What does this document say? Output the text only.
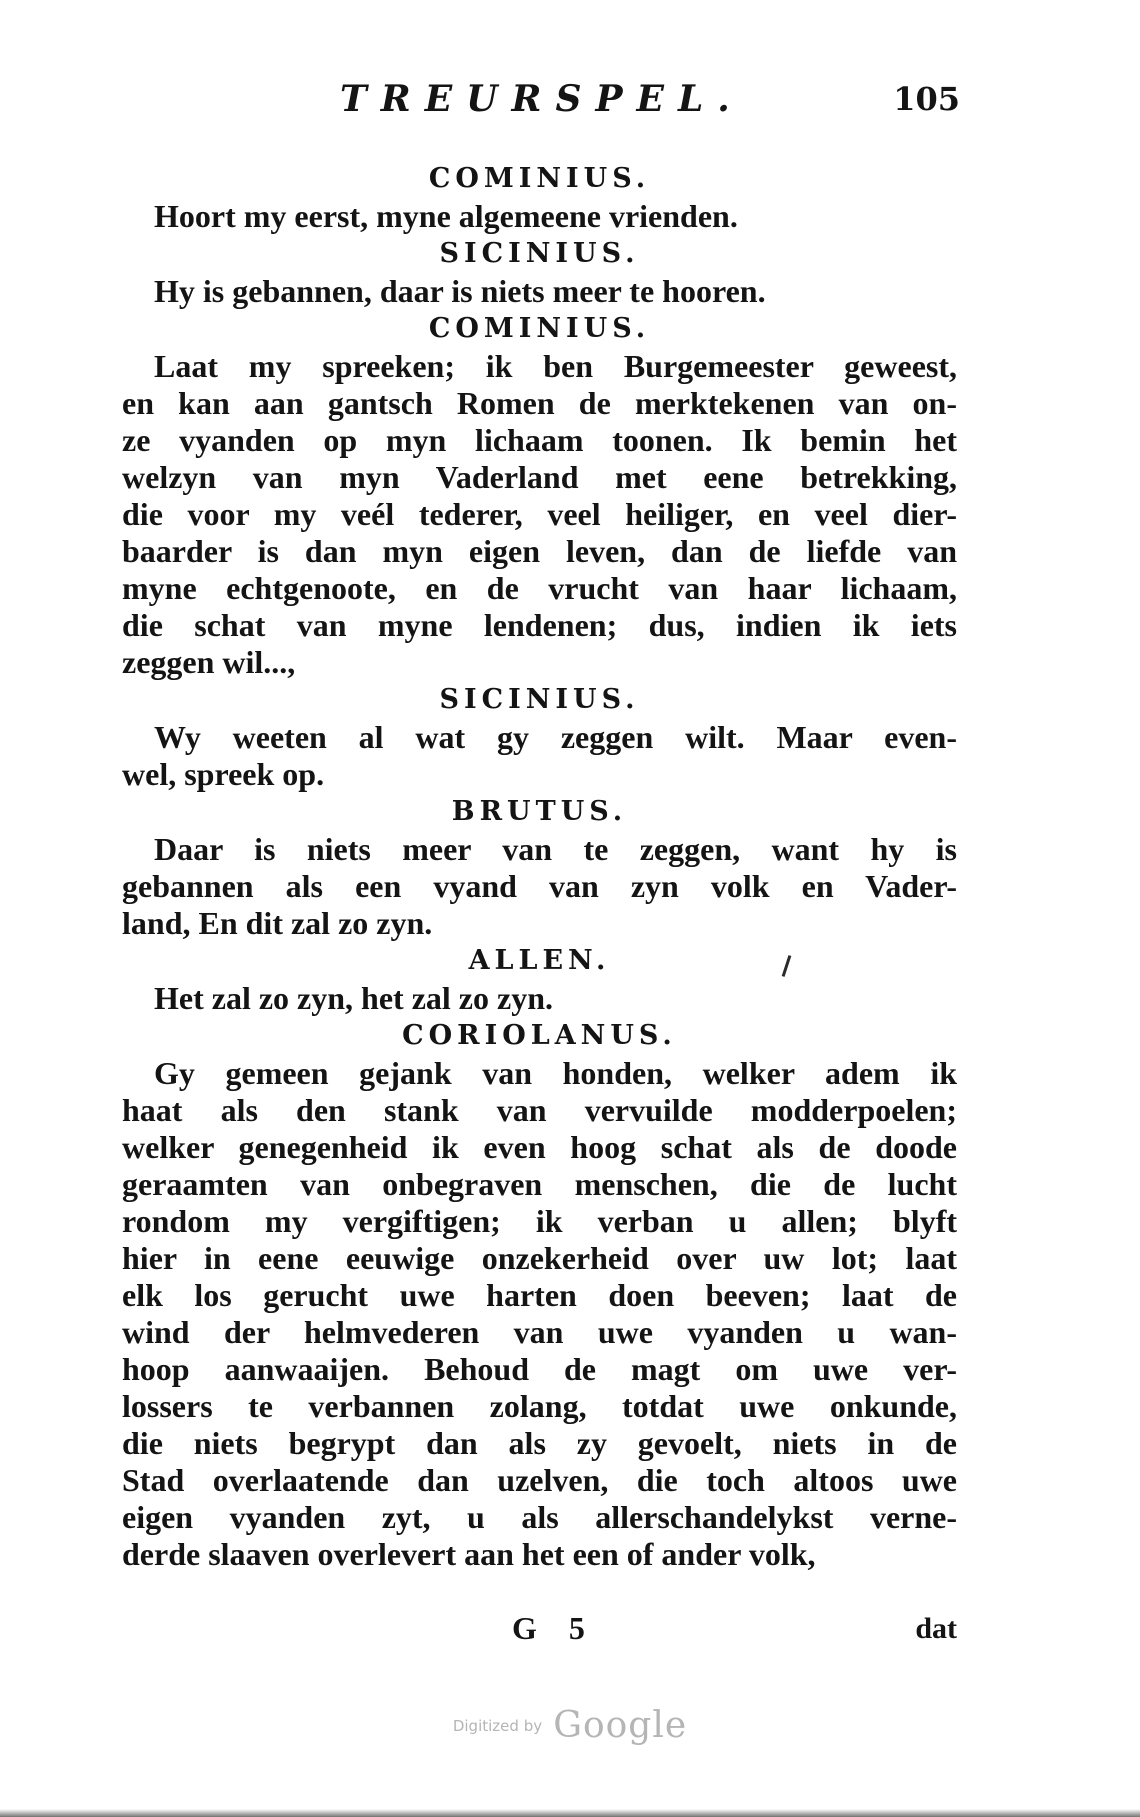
TREURSPEL.	105
COMINIUS.
Hoort my eerst, myne algemeene vrienden.
SICINIUS.
Hy is gebannen, daar is niets meer te hooren.
COMINIUS.
Laat my spreeken; ik ben Burgemeester geweest,
en kan aan gantsch Romen de merktekenen van on-
ze vyanden op myn lichaam toonen. Ik bemin het
welzyn van myn Vaderland met eene betrekking,
die voor my veél tederer, veel heiliger, en veel dier-
baarder is dan myn eigen leven, dan de liefde van
myne echtgenoote, en de vrucht van haar lichaam,
die schat van myne lendenen; dus, indien ik iets
zeggen wil...,
SICINIUS.
Wy weeten al wat gy zeggen wilt. Maar even-
wel, spreek op.
BRUTUS.
Daar is niets meer van te zeggen, want hy is
gebannen als een vyand van zyn volk en Vader-
land, En dit zal zo zyn.
ALLEN.
Het zal zo zyn, het zal zo zyn.
CORIOLANUS.
Gy gemeen gejank van honden, welker adem ik
haat als den stank van vervuilde modderpoelen;
welker genegenheid ik even hoog schat als de doode
geraamten van onbegraven menschen, die de lucht
rondom my vergiftigen; ik verban u allen; blyft
hier in eene eeuwige onzekerheid over uw lot; laat
elk los gerucht uwe harten doen beeven; laat de
wind der helmvederen van uwe vyanden u wan-
hoop aanwaaijen. Behoud de magt om uwe ver-
lossers te verbannen zolang, totdat uwe onkunde,
die niets begrypt dan als zy gevoelt, niets in de
Stad overlaatende dan uzelven, die toch altoos uwe
eigen vyanden zyt, u als allerschandelykst verne-
derde slaaven overlevert aan het een of ander volk,
G 5	dat
Digitized by Google
